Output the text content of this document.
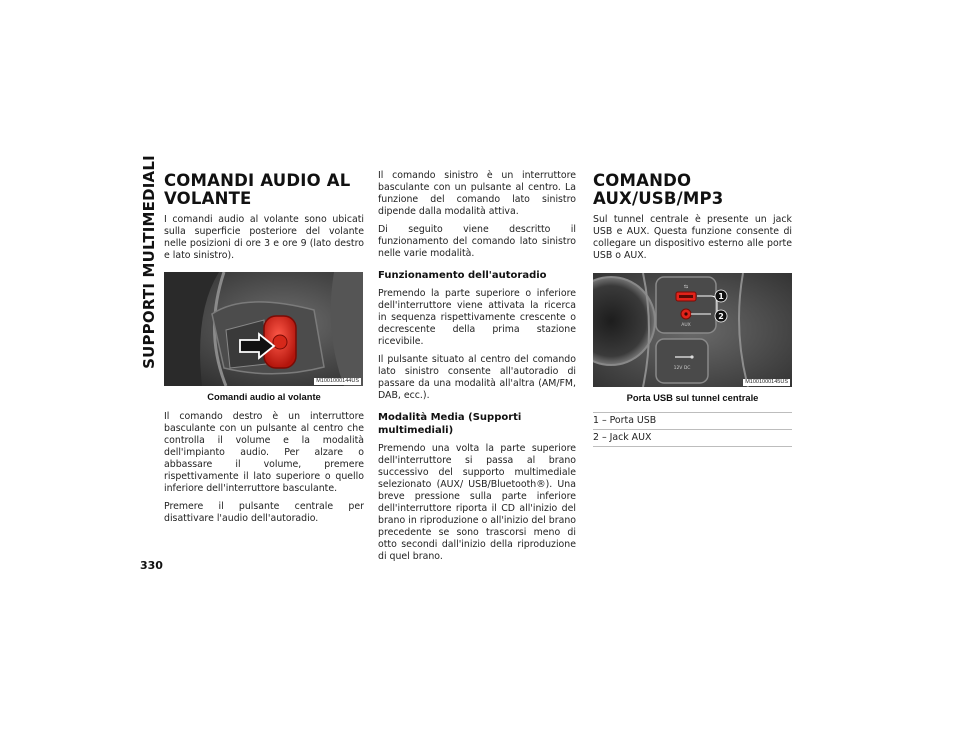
SUPPORTI MULTIMEDIALI COMANDI AUDIO AL VOLANTE

I comandi audio al volante sono ubicati sulla superficie posteriore del volante nelle posizioni di ore 3 e ore 9 (lato destro e lato sinistro).

M1001000144US
Comandi audio al volante

Il comando destro è un interruttore basculante con un pulsante al centro che controlla il volume e la modalità dell'impianto audio. Per alzare o abbassare il volume, premere rispettivamente il lato superiore o quello inferiore dell'interruttore basculante.

Premere il pulsante centrale per disattivare l'audio dell'autoradio.

Il comando sinistro è un interruttore basculante con un pulsante al centro. La funzione del comando lato sinistro dipende dalla modalità attiva.

Di seguito viene descritto il funzionamento del comando lato sinistro nelle varie modalità.

Funzionamento dell'autoradio

Premendo la parte superiore o inferiore dell'interruttore viene attivata la ricerca in sequenza rispettivamente crescente o decrescente della prima stazione ricevibile.

Il pulsante situato al centro del comando lato sinistro consente all'autoradio di passare da una modalità all'altra (AM/FM, DAB, ecc.).

Modalità Media (Supporti multimediali)

Premendo una volta la parte superiore dell'interruttore si passa al brano successivo del supporto multimediale selezionato (AUX/ USB/Bluetooth®). Una breve pressione sulla parte inferiore dell'interruttore riporta il CD all'inizio del brano in riproduzione o all'inizio del brano precedente se sono trascorsi meno di otto secondi dall'inizio della riproduzione di quel brano.

COMANDO AUX/USB/MP3

Sul tunnel centrale è presente un jack USB e AUX. Questa funzione consente di collegare un dispositivo esterno alle porte USB o AUX.

⇆
AUX
12V DC
1
2
M1001000145US
Porta USB sul tunnel centrale
1 – Porta USB
2 – Jack AUX
330
